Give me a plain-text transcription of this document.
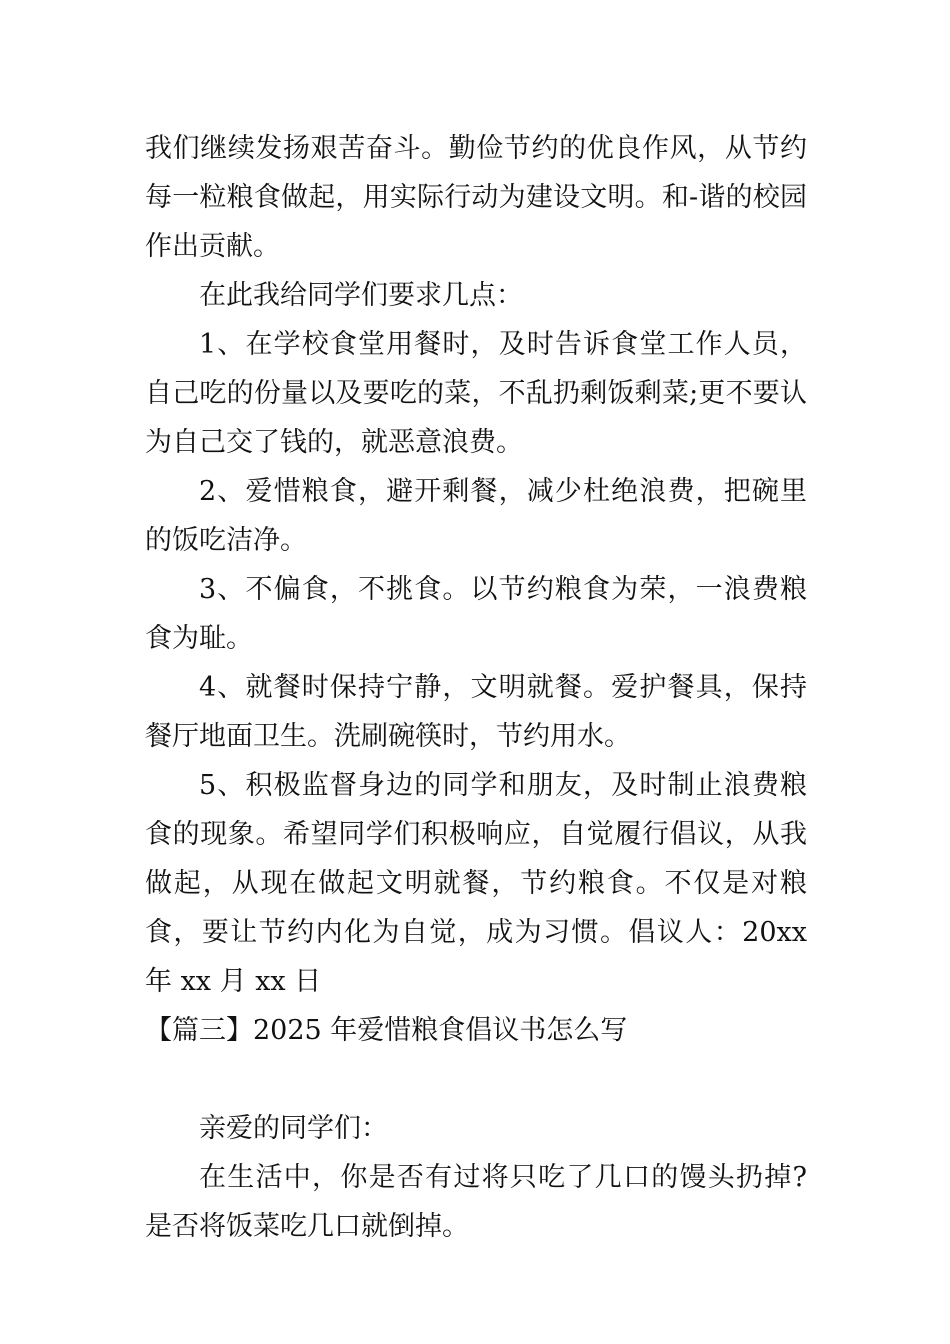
我们继续发扬艰苦奋斗。勤俭节约的优良作风，从节约每一粒粮食做起，用实际行动为建设文明。和-谐的校园作出贡献。

在此我给同学们要求几点：

1、在学校食堂用餐时，及时告诉食堂工作人员，自己吃的份量以及要吃的菜，不乱扔剩饭剩菜;更不要认为自己交了钱的，就恶意浪费。

2、爱惜粮食，避开剩餐，减少杜绝浪费，把碗里的饭吃洁净。

3、不偏食，不挑食。以节约粮食为荣，一浪费粮食为耻。

4、就餐时保持宁静，文明就餐。爱护餐具，保持餐厅地面卫生。洗刷碗筷时，节约用水。

5、积极监督身边的同学和朋友，及时制止浪费粮食的现象。希望同学们积极响应，自觉履行倡议，从我做起，从现在做起文明就餐，节约粮食。不仅是对粮食，要让节约内化为自觉，成为习惯。倡议人：20xx 年 xx 月 xx 日

【篇三】2025 年爱惜粮食倡议书怎么写

亲爱的同学们：

在生活中，你是否有过将只吃了几口的馒头扔掉?是否将饭菜吃几口就倒掉。
